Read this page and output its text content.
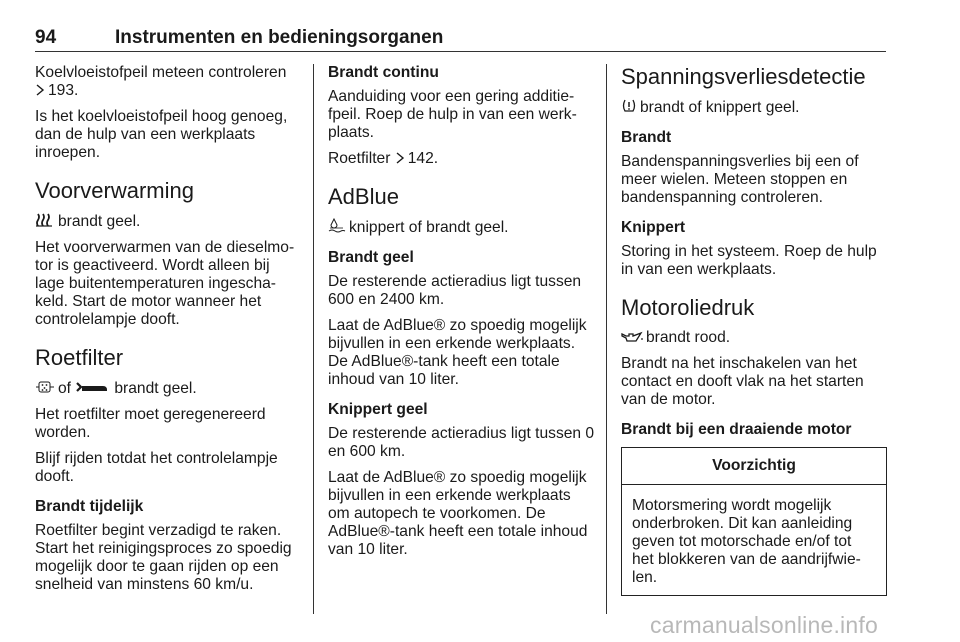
94	Instrumenten en bedieningsorganen

Koelvloeistofpeil meteen controleren

193.

Is het koelvloeistofpeil hoog genoeg, dan de hulp van een werkplaats inroepen.

Voorverwarming

brandt geel.

Het voorverwarmen van de dieselmo-tor is geactiveerd. Wordt alleen bij lage buitentemperaturen ingescha-keld. Start de motor wanneer het controlelampje dooft.

Roetfilter

of	brandt geel.

Het roetfilter moet geregenereerd worden.

Blijf rijden totdat het controlelampje dooft.

Brandt tijdelijk

Roetfilter begint verzadigd te raken. Start het reinigingsproces zo spoedig mogelijk door te gaan rijden op een snelheid van minstens 60 km/u.

Brandt continu

Aanduiding voor een gering additie-fpeil. Roep de hulp in van een werk-plaats.

Roetfilter 142.

AdBlue

knippert of brandt geel.

Brandt geel

De resterende actieradius ligt tussen 600 en 2400 km.

Laat de AdBlue® zo spoedig mogelijk bijvullen in een erkende werkplaats. De AdBlue®-tank heeft een totale inhoud van 10 liter.

Knippert geel

De resterende actieradius ligt tussen 0 en 600 km.

Laat de AdBlue® zo spoedig mogelijk bijvullen in een erkende werkplaats om autopech te voorkomen. De AdBlue®-tank heeft een totale inhoud van 10 liter.

Spanningsverliesdetectie

brandt of knippert geel.

Brandt

Bandenspanningsverlies bij een of meer wielen. Meteen stoppen en bandenspanning controleren.

Knippert

Storing in het systeem. Roep de hulp in van een werkplaats.

Motoroliedruk

brandt rood.

Brandt na het inschakelen van het contact en dooft vlak na het starten van de motor.

Brandt bij een draaiende motor
Voorzichtig

Motorsmering wordt mogelijk onderbroken. Dit kan aanleiding geven tot motorschade en/of tot het blokkeren van de aandrijfwie-len.

carmanualsonline.info
